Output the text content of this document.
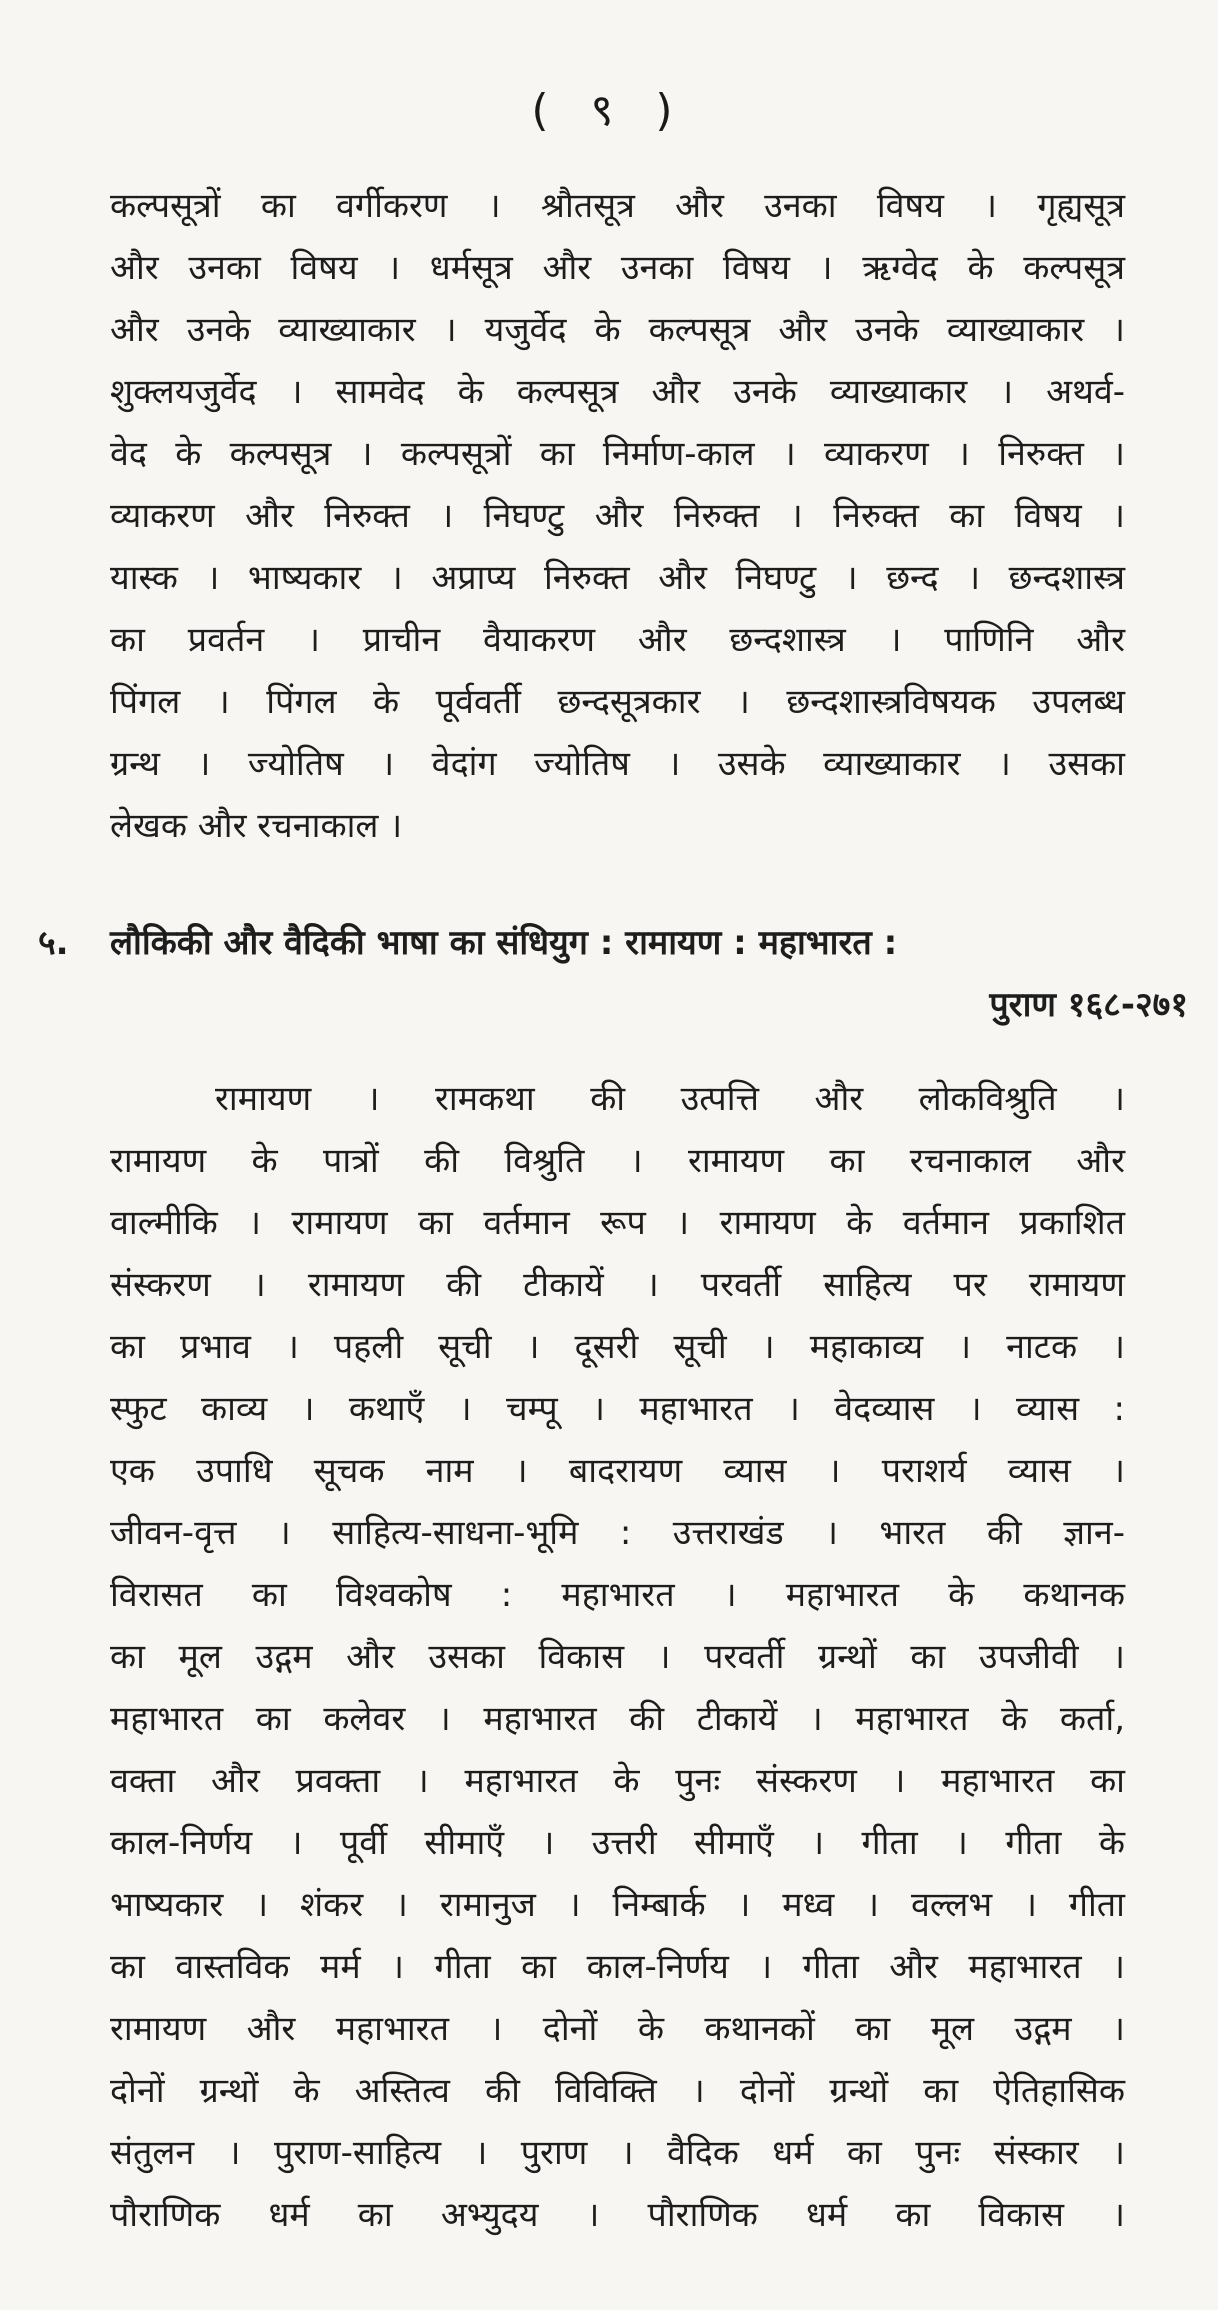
( ९ )
कल्पसूत्रों का वर्गीकरण । श्रौतसूत्र और उनका विषय । गृह्यसूत्र
और उनका विषय । धर्मसूत्र और उनका विषय । ऋग्वेद के कल्पसूत्र
और उनके व्याख्याकार । यजुर्वेद के कल्पसूत्र और उनके व्याख्याकार ।
शुक्लयजुर्वेद । सामवेद के कल्पसूत्र और उनके व्याख्याकार । अथर्व-
वेद के कल्पसूत्र । कल्पसूत्रों का निर्माण-काल । व्याकरण । निरुक्त ।
व्याकरण और निरुक्त । निघण्टु और निरुक्त । निरुक्त का विषय ।
यास्क । भाष्यकार । अप्राप्य निरुक्त और निघण्टु । छन्द । छन्दशास्त्र
का प्रवर्तन । प्राचीन वैयाकरण और छन्दशास्त्र । पाणिनि और
पिंगल । पिंगल के पूर्ववर्ती छन्दसूत्रकार । छन्दशास्त्रविषयक उपलब्ध
ग्रन्थ । ज्योतिष । वेदांग ज्योतिष । उसके व्याख्याकार । उसका
लेखक और रचनाकाल ।
५.	लौकिकी और वैदिकी भाषा का संधियुग : रामायण : महाभारत :
पुराण १६८-२७१
रामायण । रामकथा की उत्पत्ति और लोकविश्रुति ।
रामायण के पात्रों की विश्रुति । रामायण का रचनाकाल और
वाल्मीकि । रामायण का वर्तमान रूप । रामायण के वर्तमान प्रकाशित
संस्करण । रामायण की टीकायें । परवर्ती साहित्य पर रामायण
का प्रभाव । पहली सूची । दूसरी सूची । महाकाव्य । नाटक ।
स्फुट काव्य । कथाएँ । चम्पू । महाभारत । वेदव्यास । व्यास :
एक उपाधि सूचक नाम । बादरायण व्यास । पराशर्य व्यास ।
जीवन-वृत्त । साहित्य-साधना-भूमि : उत्तराखंड । भारत की ज्ञान-
विरासत का विश्वकोष : महाभारत । महाभारत के कथानक
का मूल उद्गम और उसका विकास । परवर्ती ग्रन्थों का उपजीवी ।
महाभारत का कलेवर । महाभारत की टीकायें । महाभारत के कर्ता,
वक्ता और प्रवक्ता । महाभारत के पुनः संस्करण । महाभारत का
काल-निर्णय । पूर्वी सीमाएँ । उत्तरी सीमाएँ । गीता । गीता के
भाष्यकार । शंकर । रामानुज । निम्बार्क । मध्व । वल्लभ । गीता
का वास्तविक मर्म । गीता का काल-निर्णय । गीता और महाभारत ।
रामायण और महाभारत । दोनों के कथानकों का मूल उद्गम ।
दोनों ग्रन्थों के अस्तित्व की विविक्ति । दोनों ग्रन्थों का ऐतिहासिक
संतुलन । पुराण-साहित्य । पुराण । वैदिक धर्म का पुनः संस्कार ।
पौराणिक धर्म का अभ्युदय । पौराणिक धर्म का विकास ।
